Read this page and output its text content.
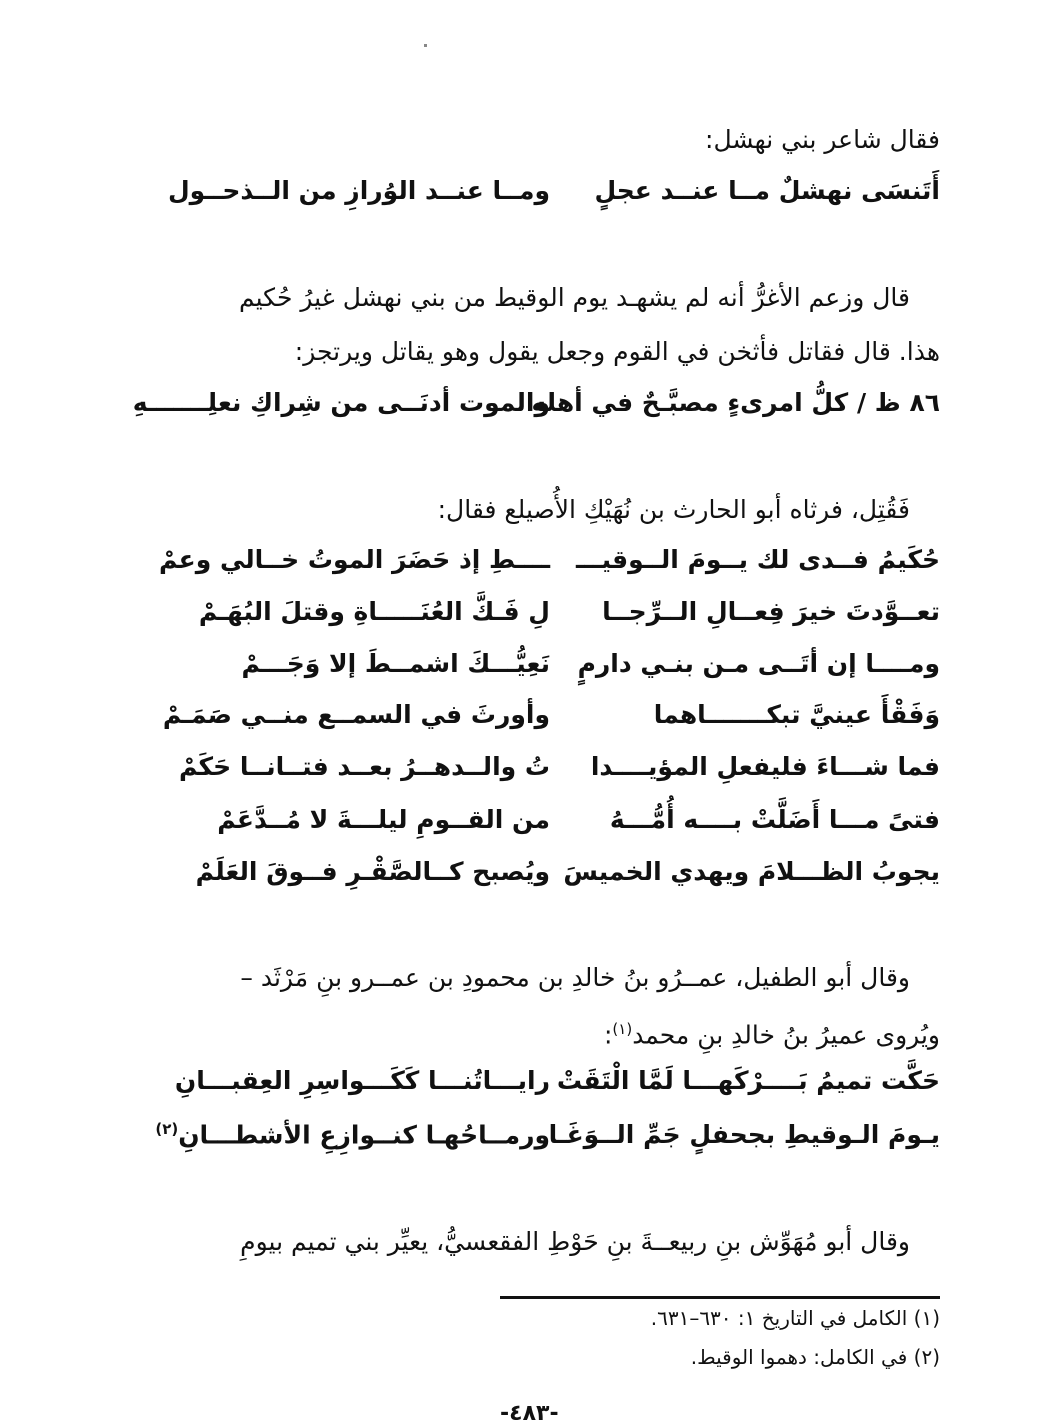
فقال شاعر بني نهشل:
أَتَنسَى نهشلٌ مــا عنــد عجلٍ
ومــا عنــد الوُرازِ من الــذحــول
قال وزعم الأغرُّ أنه لم يشهـد يوم الوقيط من بني نهشل غيرُ حُكيم
هذا. قال فقاتل فأثخن في القوم وجعل يقول وهو يقاتل ويرتجز:
٨٦ ظ / كلُّ امرىءٍ مصبَّـحٌ في أهله
والموت أدنَــى من شِراكِ نعلِـــــــهِ
فَقُتِل، فرثاه أبو الحارث بن نُهَيْكِ الأُصيلع فقال:
حُكَيمُ فــدى لك يــومَ الــوقيـــ
ــــطِ إذ حَضَرَ الموتُ خــالي وعمْ
تعــوَّدتَ خيرَ فِعــالِ الــرِّجــا
لِ فَـكَّ العُنَـــــاةِ وقتلَ البُهَـمْ
ومــــا إن أتَــى مـن بنـي دارمٍ
نَعِيُّـــكَ اشمــطَ إلا وَجَـــمْ
وَفَقْأَ عينيَّ تبكـــــــاهما
وأورثَ في السمــع منــي صَمَـمْ
فما شـــاءَ فليفعلِ المؤيــــدا
تُ والــدهــرُ بعــد فتــانــا حَكَمْ
فتىً مـــا أَضَلَّتْ بــــه أُمُّـــهُ
من القــومِ ليلـــةَ لا مُــدَّعَمْ
يجوبُ الظـــلامَ ويهدي الخميسَ
ويُصبح كــالصَّقْـرِ فــوقَ العَلَمْ
وقال أبو الطفيل، عمــرُو بنُ خالدِ بن محمودِ بن عمــرو بنِ مَرْثَد –
ويُروى عميرُ بنُ خالدِ بنِ محمد$^{(١)}$:
حَكَّت تميمُ بَــــرْكَهـــا لَمَّا الْتَقَتْ
رايـــاتُنـــا كَكَـــواسِرِ العِقبـــانِ
يـومَ الـوقيطِ بجحفلٍ جَمِّ الــوَغَـا
ورمــاحُهـا كنــوازِعِ الأشطـــانِ$^{(٢)}$
وقال أبو مُهَوِّش بنِ ربيعــةَ بنِ حَوْطِ الفقعسيُّ، يعيِّر بني تميم بيومِ
(١) الكامل في التاريخ ١: ٦٣٠–٦٣١.
(٢) في الكامل: دهموا الوقيط.
-٤٨٣-
